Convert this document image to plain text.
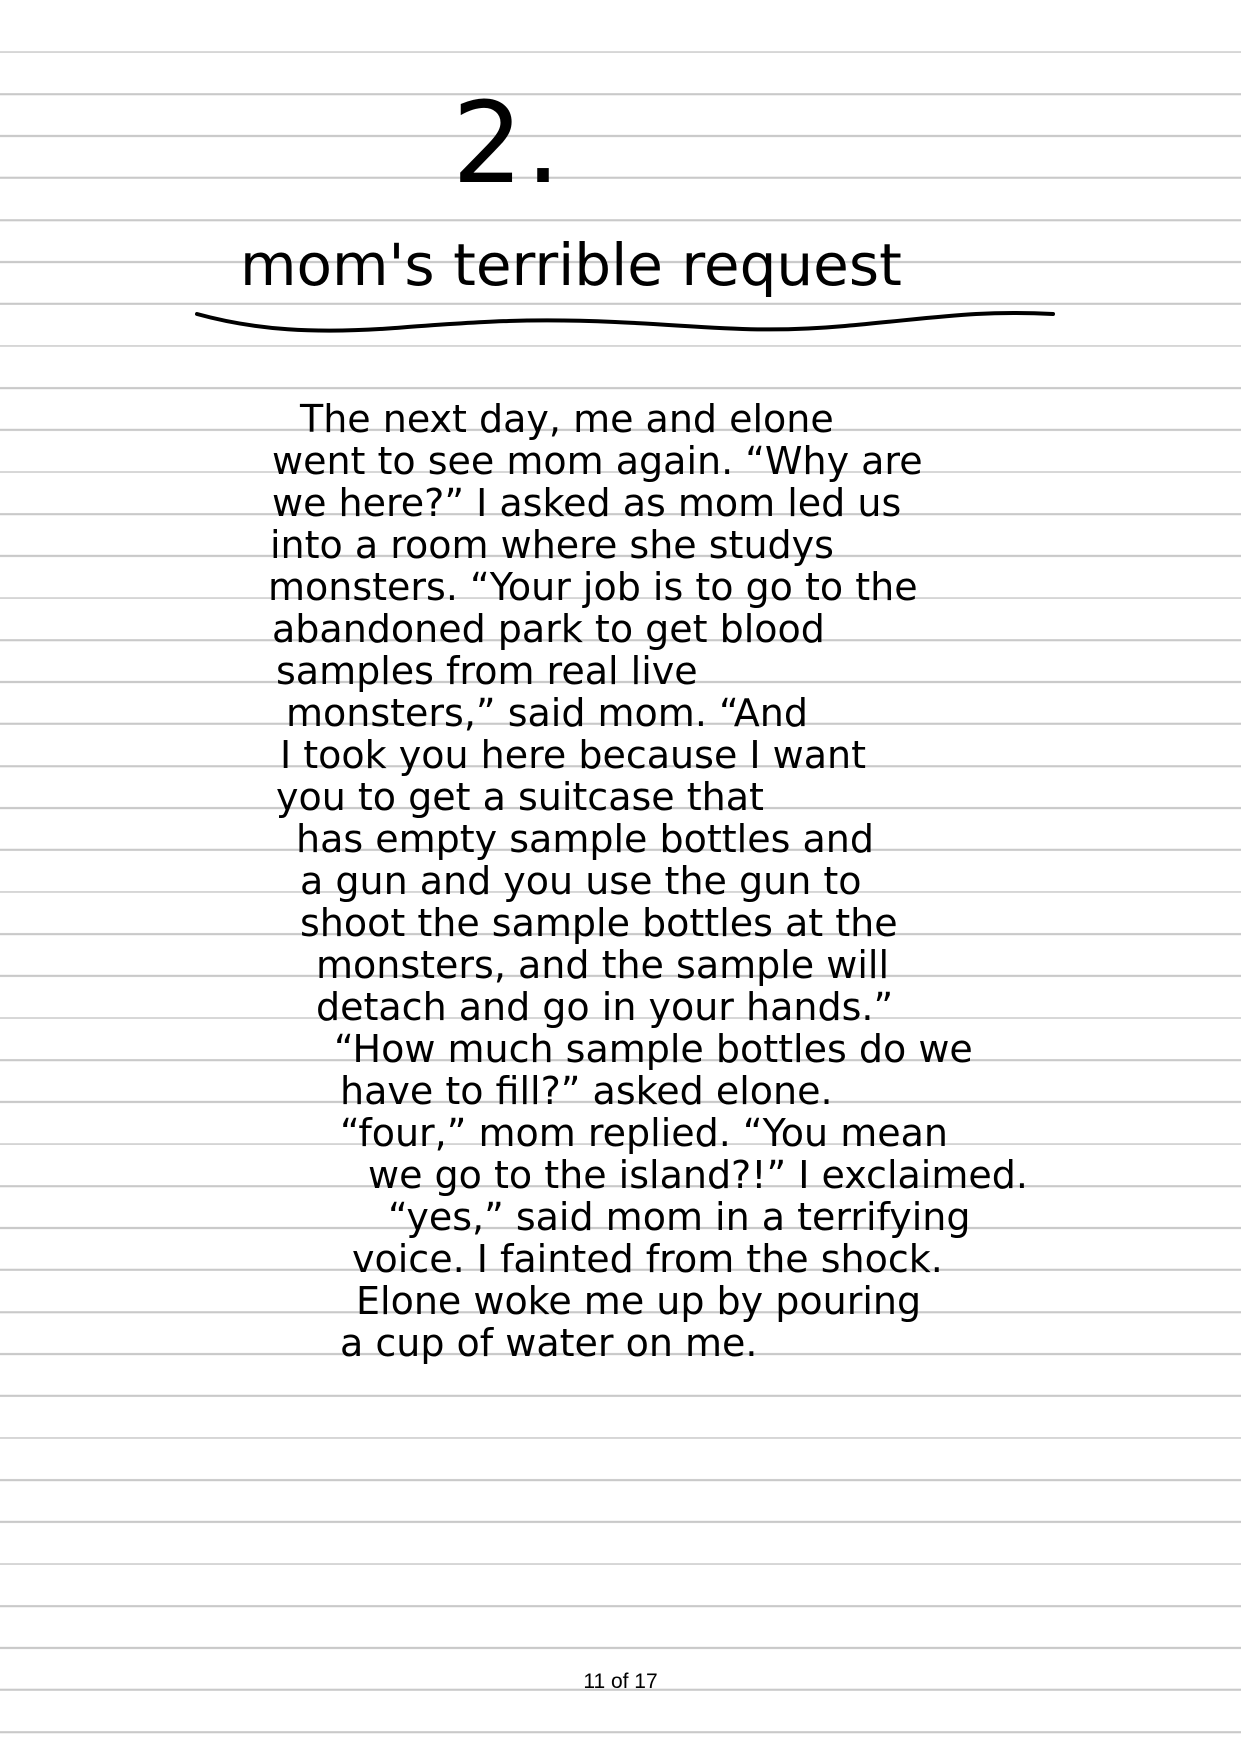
2.
mom's terrible request
The next day, me and elone
went to see mom again. “Why are
we here?” I asked as mom led us
into a room where she studys
monsters. “Your job is to go to the
abandoned park to get blood
samples from real live
monsters,” said mom. “And
I took you here because I want
you to get a suitcase that
has empty sample bottles and
a gun and you use the gun to
shoot the sample bottles at the
monsters, and the sample will
detach and go in your hands.”
“How much sample bottles do we
have to fill?” asked elone.
“four,” mom replied. “You mean
we go to the island?!” I exclaimed.
“yes,” said mom in a terrifying
voice. I fainted from the shock.
Elone woke me up by pouring
a cup of water on me.
11 of 17
